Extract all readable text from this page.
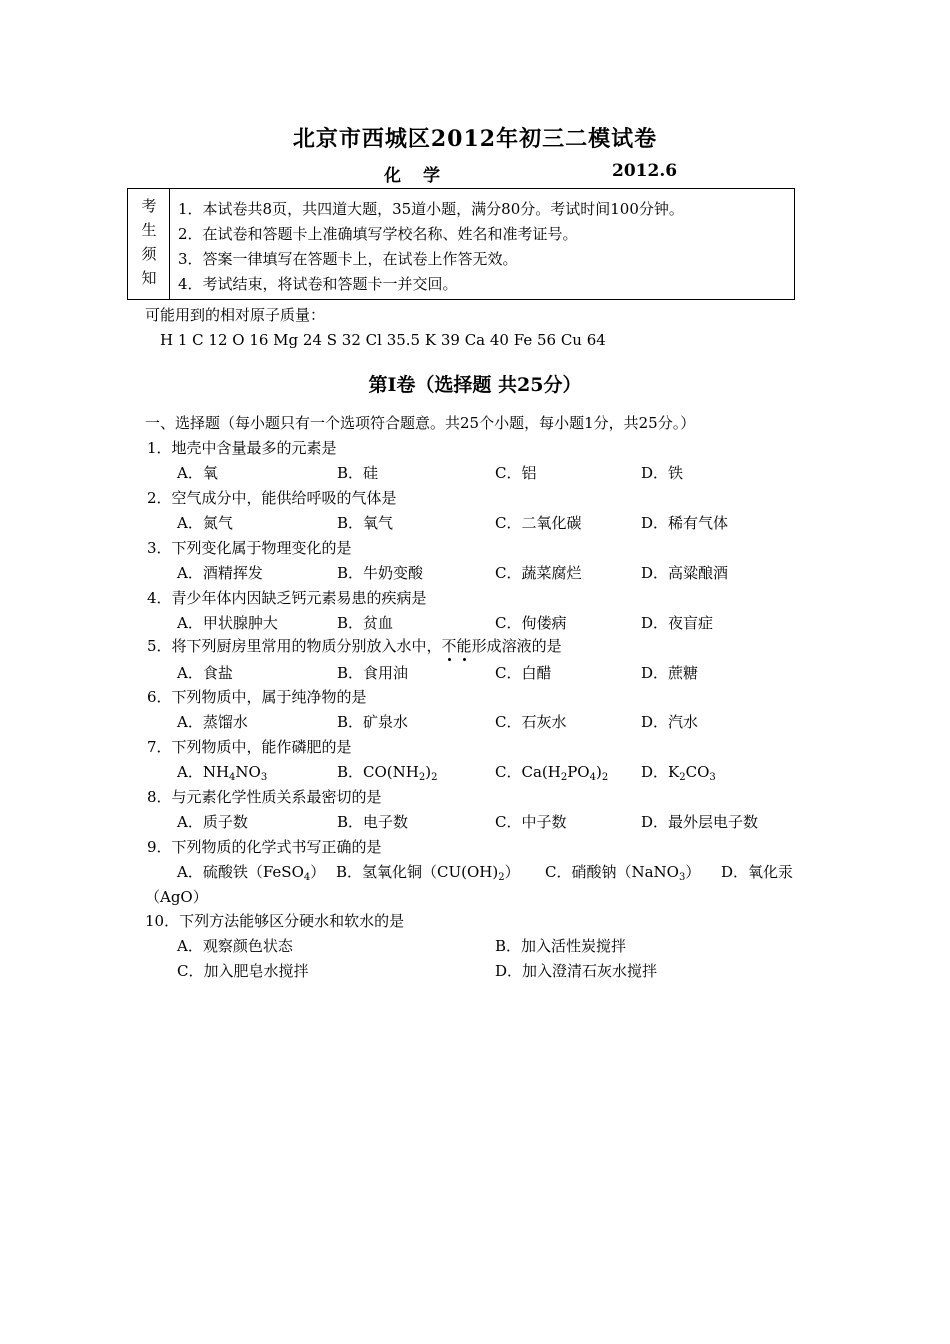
北京市西城区2012年初三二模试卷
化学	2012.6
考
生
须
知
1．本试卷共8页，共四道大题，35道小题，满分80分。考试时间100分钟。
2．在试卷和答题卡上准确填写学校名称、姓名和准考证号。
3．答案一律填写在答题卡上，在试卷上作答无效。
4．考试结束，将试卷和答题卡一并交回。
可能用到的相对原子质量：
H 1 C 12 O 16 Mg 24 S 32 Cl 35.5 K 39 Ca 40 Fe 56 Cu 64
第Ⅰ卷（选择题 共25分）
一、选择题（每小题只有一个选项符合题意。共25个小题，每小题1分，共25分。）
1．地壳中含量最多的元素是
A．氧	B．硅	C．铝	D．铁
2．空气成分中，能供给呼吸的气体是
A．氮气	B．氧气	C．二氧化碳	D．稀有气体
3．下列变化属于物理变化的是
A．酒精挥发	B．牛奶变酸	C．蔬菜腐烂	D．高粱酿酒
4．青少年体内因缺乏钙元素易患的疾病是
A．甲状腺肿大	B．贫血	C．佝偻病	D．夜盲症
5．将下列厨房里常用的物质分别放入水中，不能
形成溶液的是
A．食盐	B．食用油	C．白醋	D．蔗糖
6．下列物质中，属于纯净物的是
A．蒸馏水	B．矿泉水	C．石灰水	D．汽水
7．下列物质中，能作磷肥的是
A．$NH_4NO_3$	B．$CO(NH_2)_2$	C．$Ca(H_2PO_4)_2$ D．$K_2CO_3$
8．与元素化学性质关系最密切的是
A．质子数	B．电子数	C．中子数	D．最外层电子数
9．下列物质的化学式书写正确的是
A．硫酸铁（FeSO$_4$） B．氢氧化铜$(CU(OH)_2)$ C．硝酸钠（NaNO$_3$） D．氧化汞
（AgO）
10．下列方法能够区分硬水和软水的是
A．观察颜色状态	B．加入活性炭搅拌
C．加入肥皂水搅拌	D．加入澄清石灰水搅拌
